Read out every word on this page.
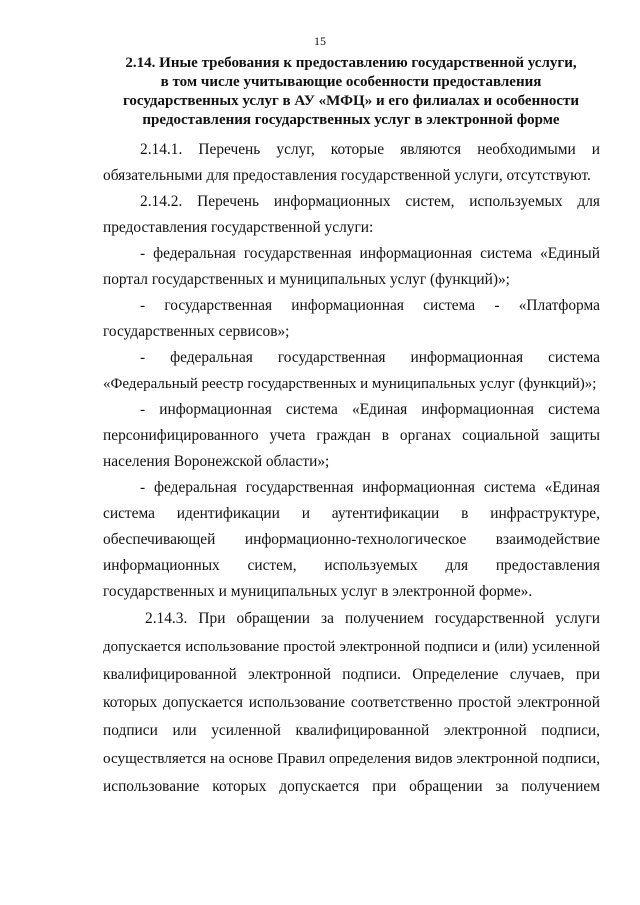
15
2.14. Иные требования к предоставлению государственной услуги,
в том числе учитывающие особенности предоставления
государственных услуг в АУ «МФЦ» и его филиалах и особенности
предоставления государственных услуг в электронной форме
2.14.1. Перечень услуг, которые являются необходимыми и
обязательными для предоставления государственной услуги, отсутствуют.
2.14.2. Перечень информационных систем, используемых для
предоставления государственной услуги:
- федеральная государственная информационная система «Единый
портал государственных и муниципальных услуг (функций)»;
- государственная информационная система - «Платформа
государственных сервисов»;
- федеральная государственная информационная система
«Федеральный реестр государственных и муниципальных услуг (функций)»;
- информационная система «Единая информационная система
персонифицированного учета граждан в органах социальной защиты
населения Воронежской области»;
- федеральная государственная информационная система «Единая
система идентификации и аутентификации в инфраструктуре,
обеспечивающей информационно-технологическое взаимодействие
информационных систем, используемых для предоставления
государственных и муниципальных услуг в электронной форме».
2.14.3. При обращении за получением государственной услуги
допускается использование простой электронной подписи и (или) усиленной
квалифицированной электронной подписи. Определение случаев, при
которых допускается использование соответственно простой электронной
подписи или усиленной квалифицированной электронной подписи,
осуществляется на основе Правил определения видов электронной подписи,
использование которых допускается при обращении за получением
